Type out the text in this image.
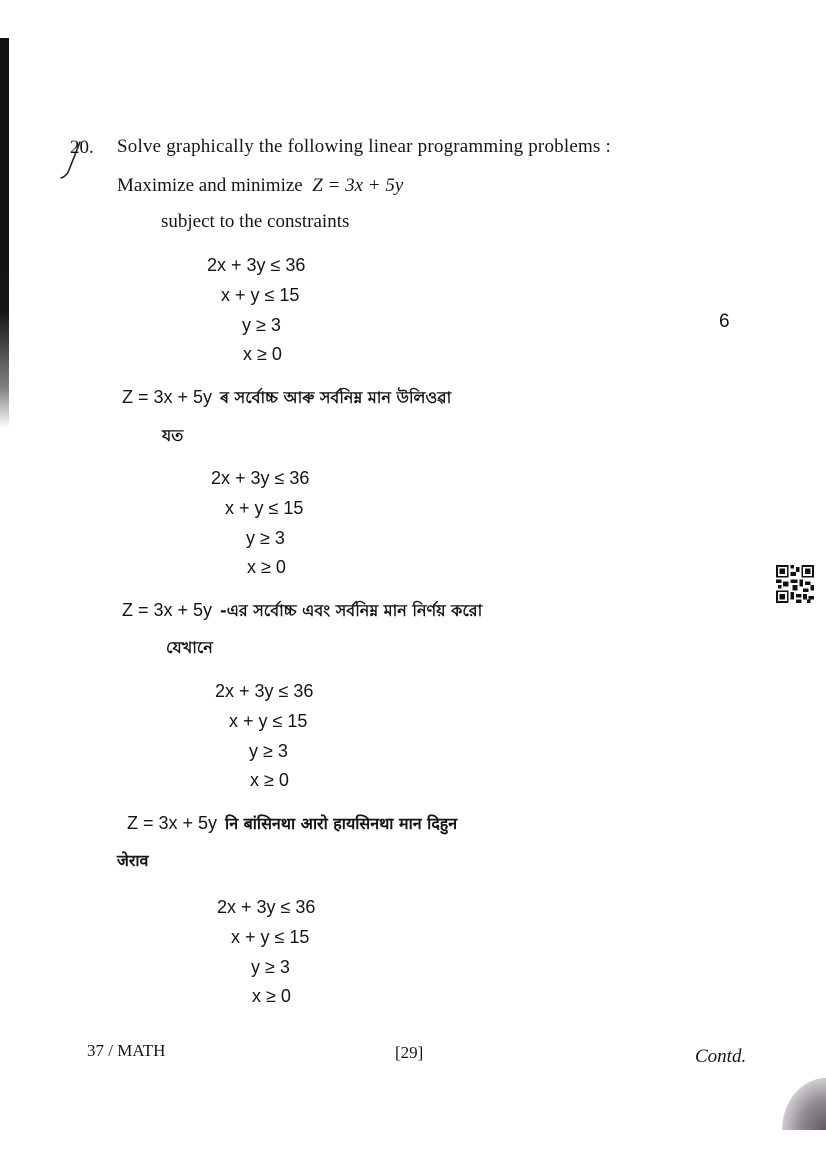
20. Solve graphically the following linear programming problems :
Maximize and minimize Z = 3x + 5y
subject to the constraints
6
2x + 3y ≤ 36
x + y ≤ 15
y ≥ 3
x ≥ 0
Z = 3x + 5y ৰ সৰ্বোচ্চ আৰু সৰ্বনিম্ন মান উলিওৱা
যত
2x + 3y ≤ 36
x + y ≤ 15
y ≥ 3
x ≥ 0
Z = 3x + 5y -এর সর্বোচ্চ এবং সর্বনিম্ন মান নির্ণয় করো
যেখানে
2x + 3y ≤ 36
x + y ≤ 15
y ≥ 3
x ≥ 0
Z = 3x + 5y नि बांसिनथा आरो हायसिनथा मान दिहुन
जेराव
2x + 3y ≤ 36
x + y ≤ 15
y ≥ 3
x ≥ 0
37 / MATH	[29]	Contd.
